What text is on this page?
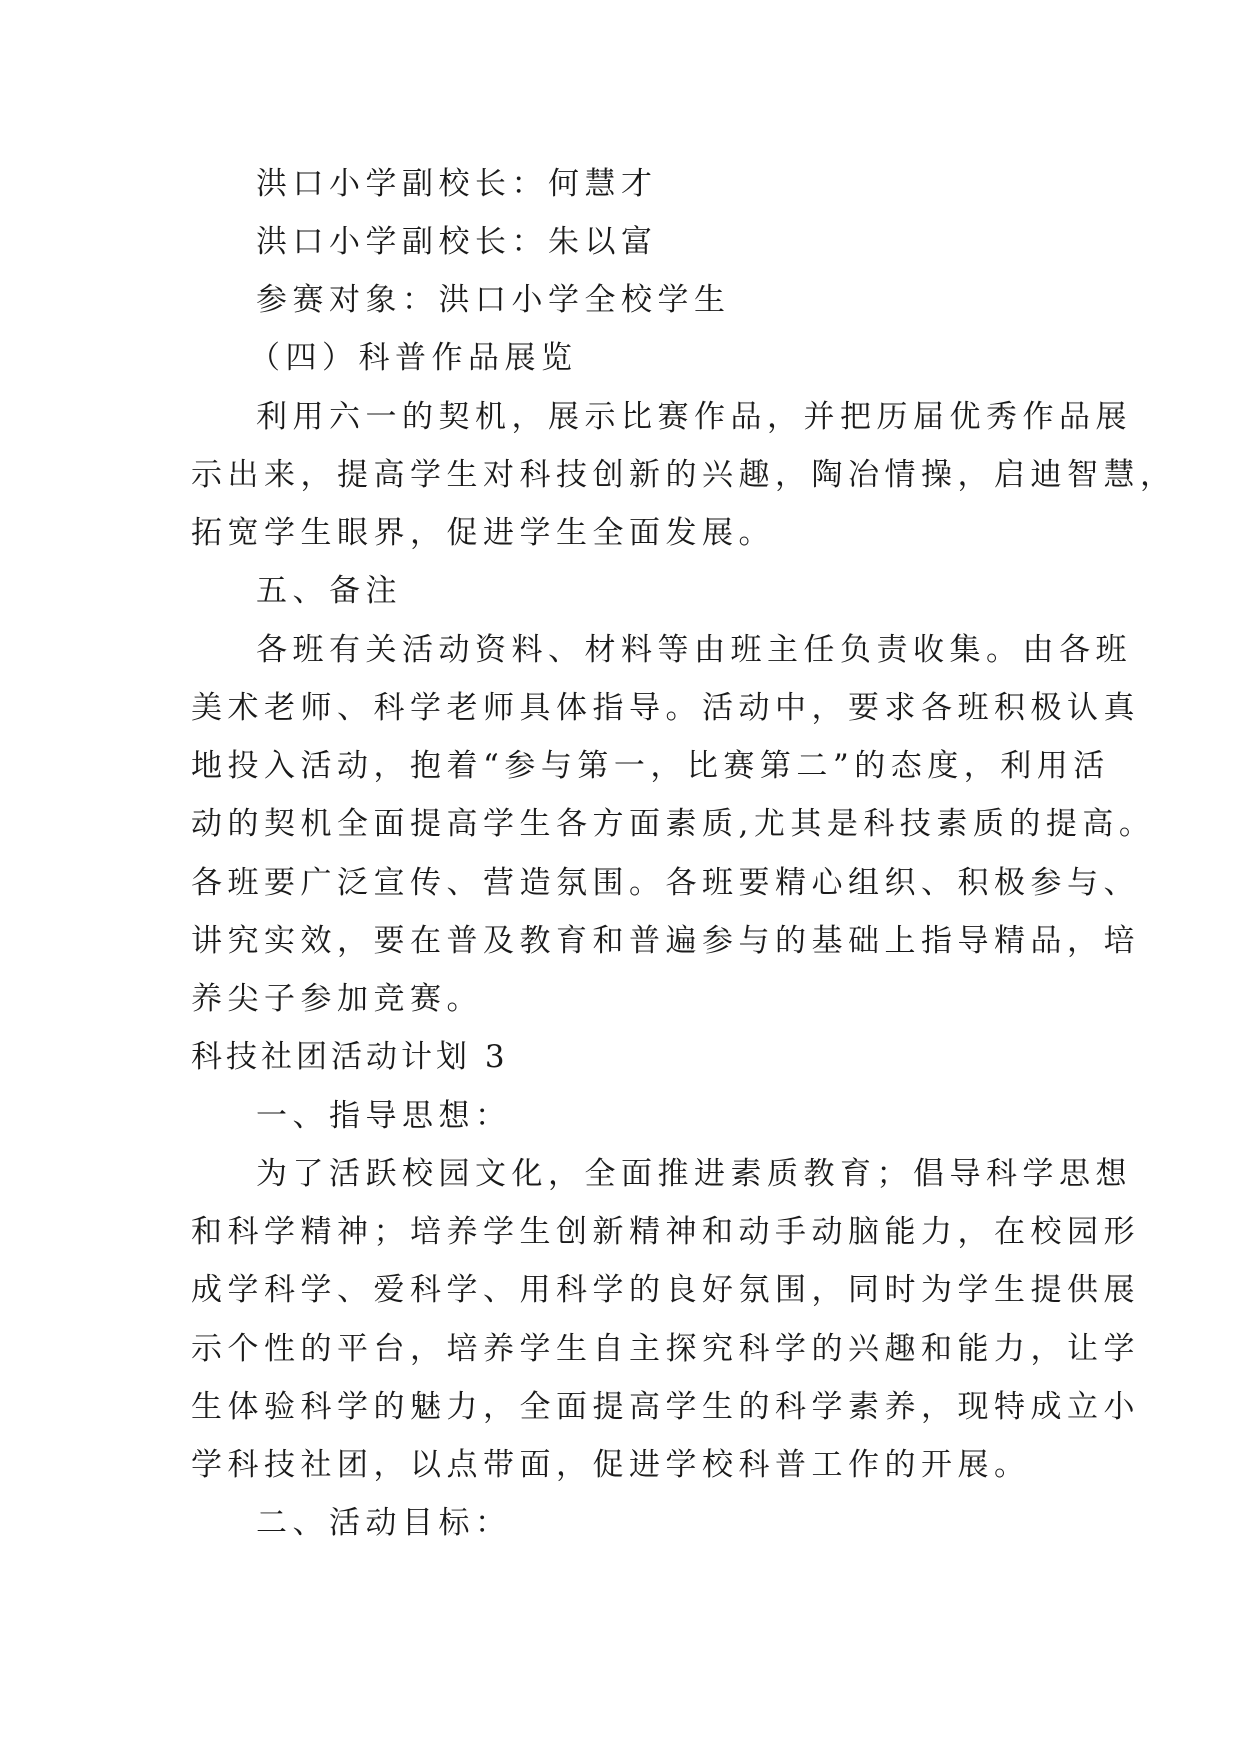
洪口小学副校长：何慧才
洪口小学副校长：朱以富
参赛对象：洪口小学全校学生
（四）科普作品展览
利用六一的契机，展示比赛作品，并把历届优秀作品展
示出来，提高学生对科技创新的兴趣，陶冶情操，启迪智慧，
拓宽学生眼界，促进学生全面发展。
五、备注
各班有关活动资料、材料等由班主任负责收集。由各班
美术老师、科学老师具体指导。活动中，要求各班积极认真
地投入活动，抱着“参与第一，比赛第二”的态度，利用活
动的契机全面提高学生各方面素质,尤其是科技素质的提高。
各班要广泛宣传、营造氛围。各班要精心组织、积极参与、
讲究实效，要在普及教育和普遍参与的基础上指导精品，培
养尖子参加竞赛。
科技社团活动计划 3
一、指导思想：
为了活跃校园文化，全面推进素质教育；倡导科学思想
和科学精神；培养学生创新精神和动手动脑能力，在校园形
成学科学、爱科学、用科学的良好氛围，同时为学生提供展
示个性的平台，培养学生自主探究科学的兴趣和能力，让学
生体验科学的魅力，全面提高学生的科学素养，现特成立小
学科技社团，以点带面，促进学校科普工作的开展。
二、活动目标：
